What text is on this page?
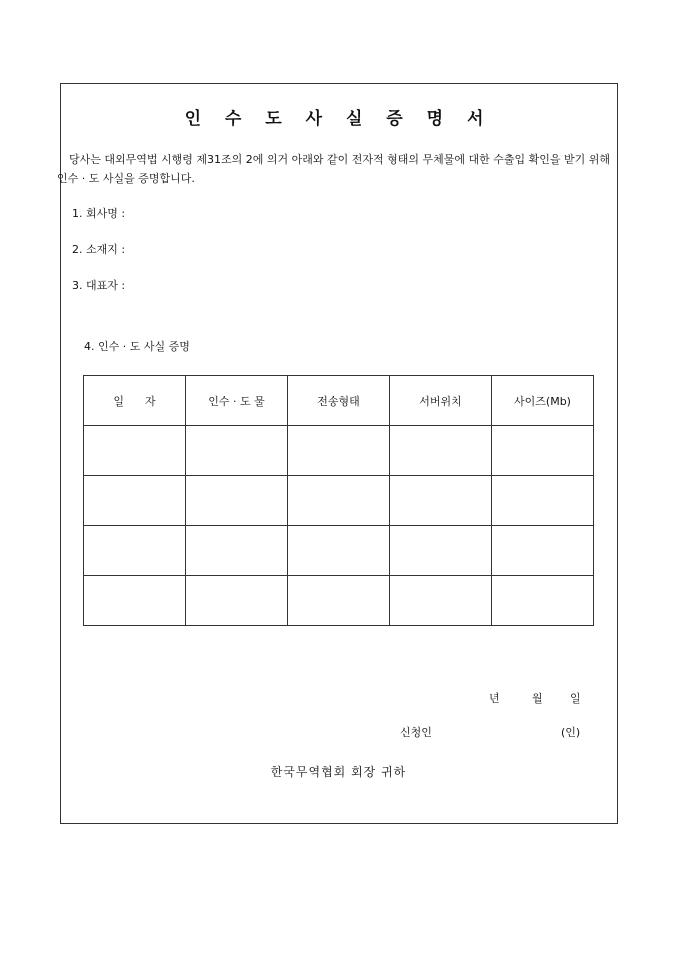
인 수 도 사 실 증 명 서
당사는 대외무역법 시행령 제31조의 2에 의거 아래와 같이 전자적 형태의 무체물에 대한 수출입 확인을 받기 위해 인수 · 도 사실을 증명합니다.
1. 회사명 :
2. 소재지 :
3. 대표자 :
4. 인수 · 도 사실 증명
일      자	인수 · 도 물	전송형태	서버위치	사이즈(Mb)

년	월 일
신청인	(인)
한국무역협회 회장 귀하
